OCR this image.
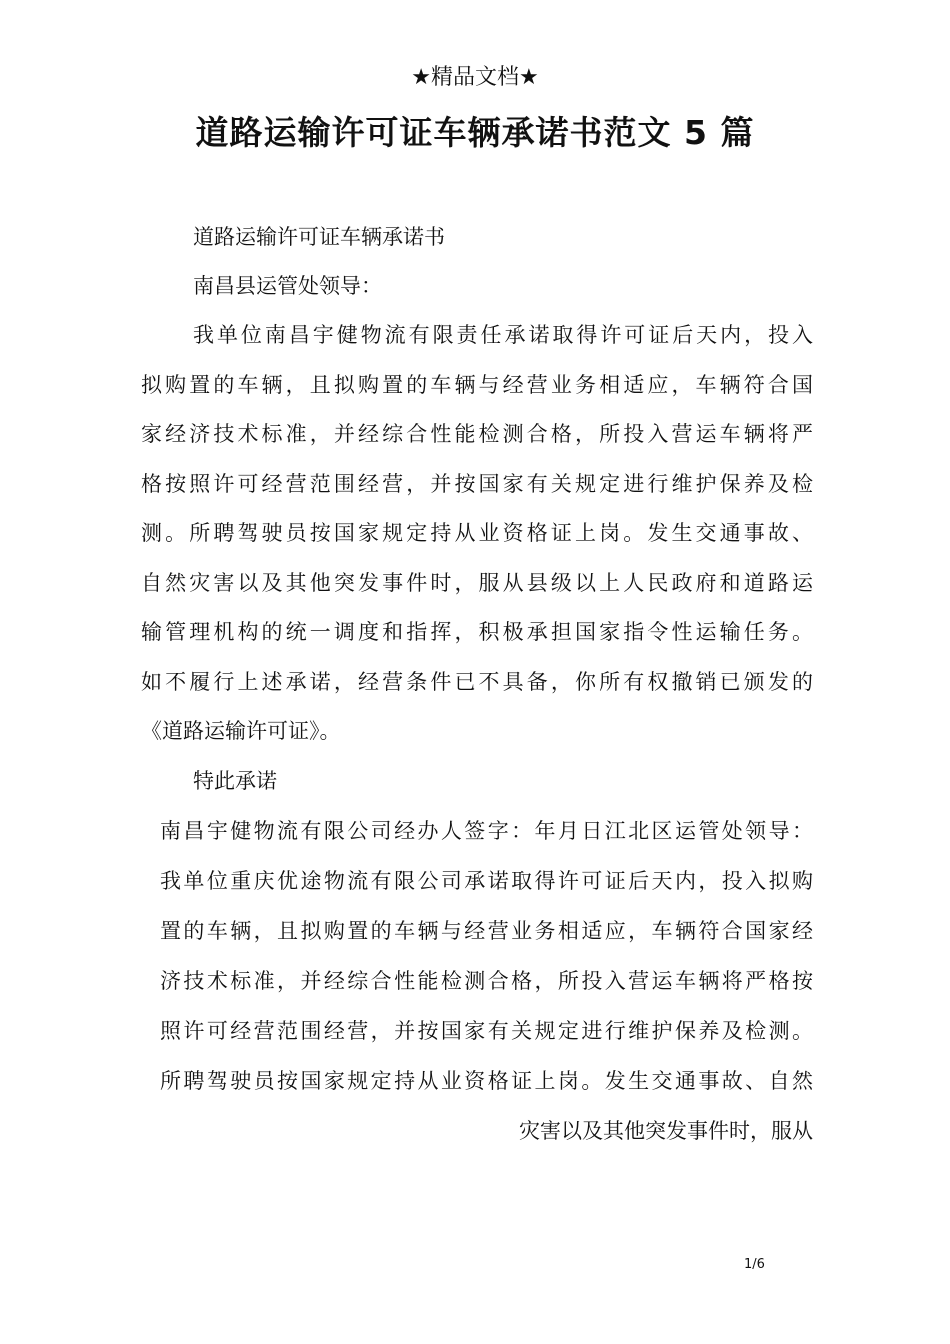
★精品文档★
道路运输许可证车辆承诺书范文 5 篇
道路运输许可证车辆承诺书
南昌县运管处领导：
我单位南昌宇健物流有限责任承诺取得许可证后天内，投入
拟购置的车辆，且拟购置的车辆与经营业务相适应，车辆符合国
家经济技术标准，并经综合性能检测合格，所投入营运车辆将严
格按照许可经营范围经营，并按国家有关规定进行维护保养及检
测。所聘驾驶员按国家规定持从业资格证上岗。发生交通事故、
自然灾害以及其他突发事件时，服从县级以上人民政府和道路运
输管理机构的统一调度和指挥，积极承担国家指令性运输任务。
如不履行上述承诺，经营条件已不具备，你所有权撤销已颁发的
《道路运输许可证》。
特此承诺
南昌宇健物流有限公司经办人签字：年月日江北区运管处领导：
我单位重庆优途物流有限公司承诺取得许可证后天内，投入拟购
置的车辆，且拟购置的车辆与经营业务相适应，车辆符合国家经
济技术标准，并经综合性能检测合格，所投入营运车辆将严格按
照许可经营范围经营，并按国家有关规定进行维护保养及检测。
所聘驾驶员按国家规定持从业资格证上岗。发生交通事故、自然
灾害以及其他突发事件时，服从
1/6
